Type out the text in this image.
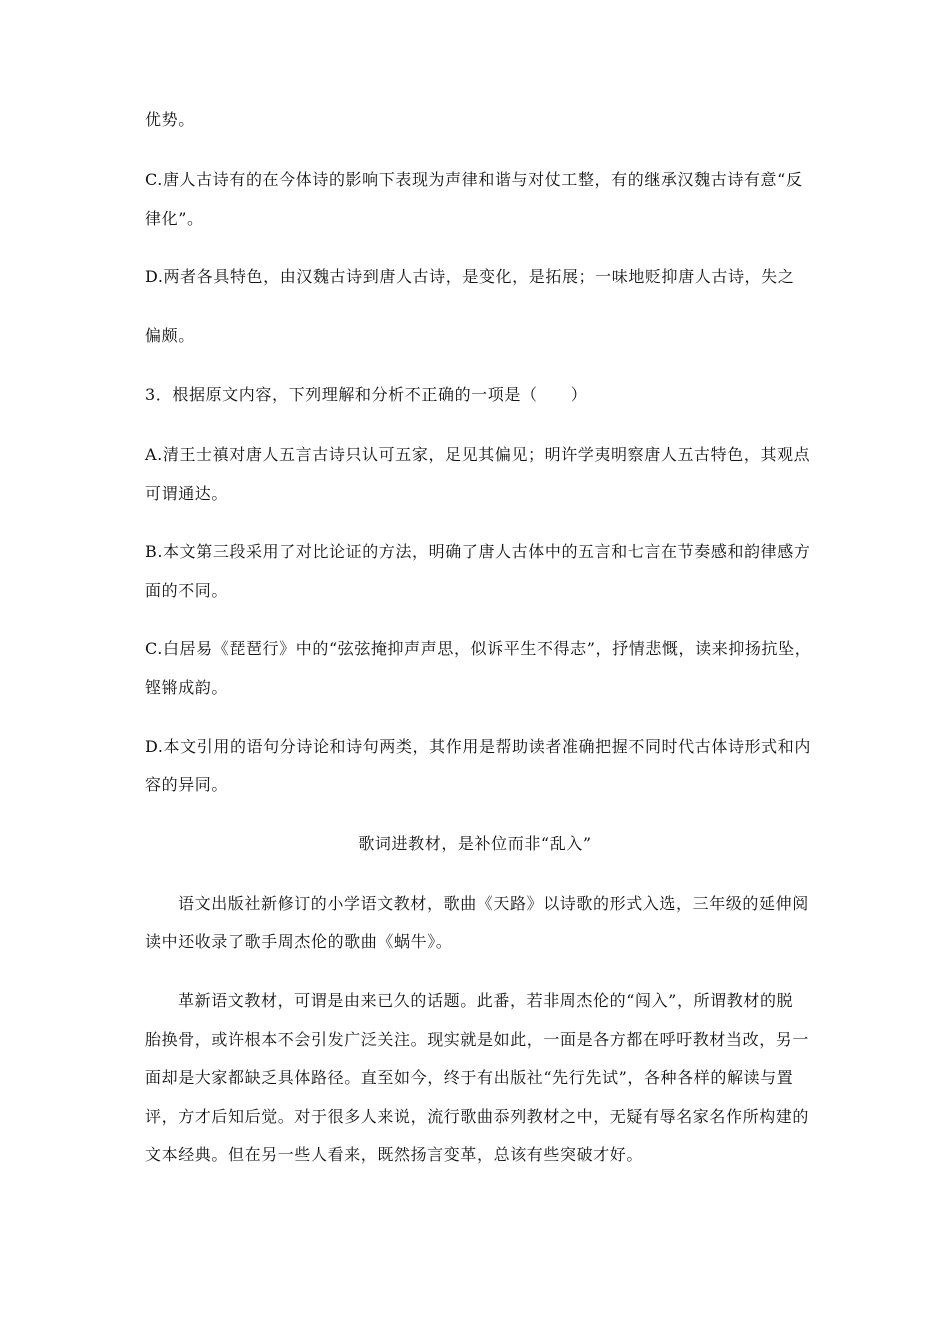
优势。
C.唐人古诗有的在今体诗的影响下表现为声律和谐与对仗工整，有的继承汉魏古诗有意“反
律化”。
D.两者各具特色，由汉魏古诗到唐人古诗，是变化，是拓展；一味地贬抑唐人古诗，失之
偏颇。
3．根据原文内容，下列理解和分析不正确的一项是（　　）
A.清王士禛对唐人五言古诗只认可五家，足见其偏见；明许学夷明察唐人五古特色，其观点
可谓通达。
B.本文第三段采用了对比论证的方法，明确了唐人古体中的五言和七言在节奏感和韵律感方
面的不同。
C.白居易《琵琶行》中的“弦弦掩抑声声思，似诉平生不得志”，抒情悲慨，读来抑扬抗坠，
铿锵成韵。
D.本文引用的语句分诗论和诗句两类，其作用是帮助读者准确把握不同时代古体诗形式和内
容的异同。
歌词进教材，是补位而非“乱入”
语文出版社新修订的小学语文教材，歌曲《天路》以诗歌的形式入选，三年级的延伸阅
读中还收录了歌手周杰伦的歌曲《蜗牛》。
革新语文教材，可谓是由来已久的话题。此番，若非周杰伦的“闯入”，所谓教材的脱
胎换骨，或许根本不会引发广泛关注。现实就是如此，一面是各方都在呼吁教材当改，另一
面却是大家都缺乏具体路径。直至如今，终于有出版社“先行先试”，各种各样的解读与置
评，方才后知后觉。对于很多人来说，流行歌曲忝列教材之中，无疑有辱名家名作所构建的
文本经典。但在另一些人看来，既然扬言变革，总该有些突破才好。
